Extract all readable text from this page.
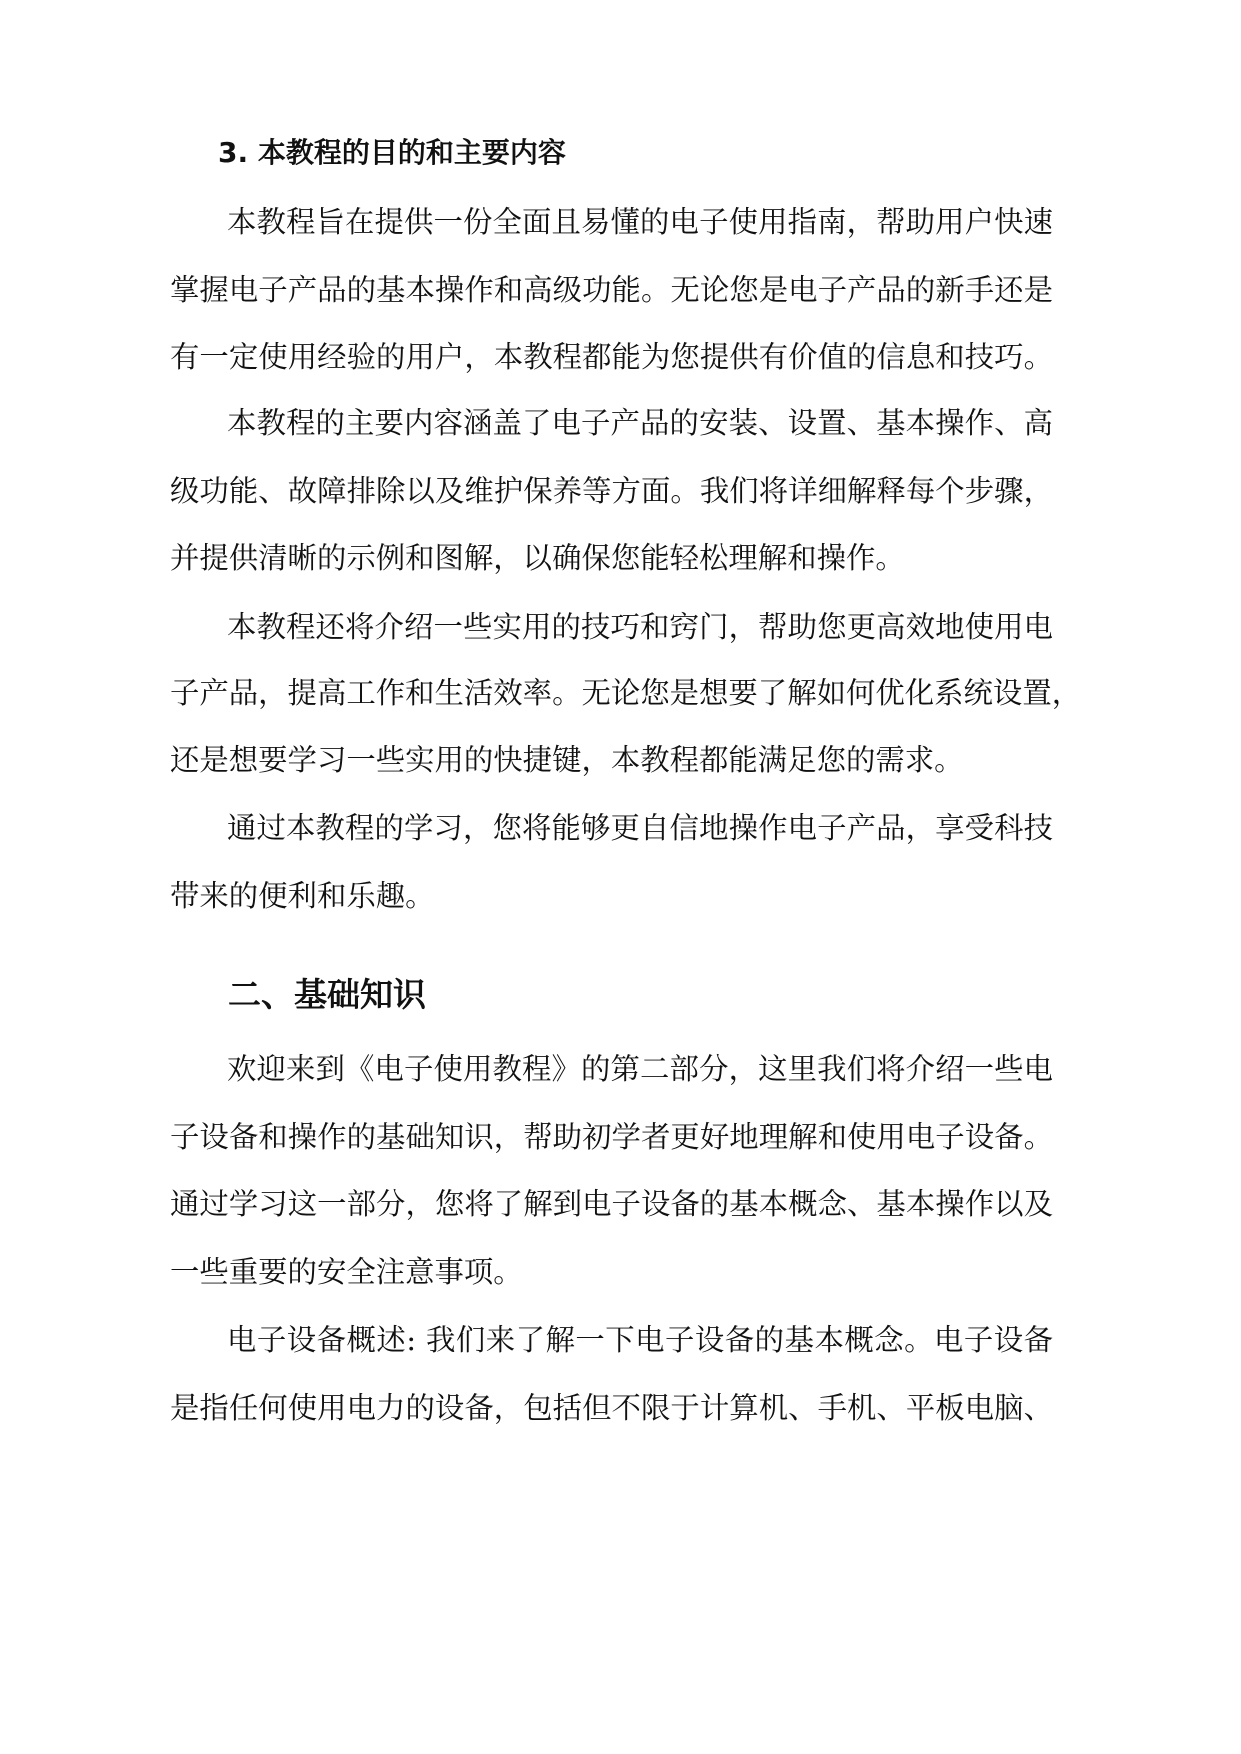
3. 本教程的目的和主要内容
本教程旨在提供一份全面且易懂的电子使用指南，帮助用户快速
掌握电子产品的基本操作和高级功能。无论您是电子产品的新手还是
有一定使用经验的用户，本教程都能为您提供有价值的信息和技巧。
本教程的主要内容涵盖了电子产品的安装、设置、基本操作、高
级功能、故障排除以及维护保养等方面。我们将详细解释每个步骤，
并提供清晰的示例和图解，以确保您能轻松理解和操作。
本教程还将介绍一些实用的技巧和窍门，帮助您更高效地使用电
子产品，提高工作和生活效率。无论您是想要了解如何优化系统设置，
还是想要学习一些实用的快捷键，本教程都能满足您的需求。
通过本教程的学习，您将能够更自信地操作电子产品，享受科技
带来的便利和乐趣。
二、基础知识
欢迎来到《电子使用教程》的第二部分，这里我们将介绍一些电
子设备和操作的基础知识，帮助初学者更好地理解和使用电子设备。
通过学习这一部分，您将了解到电子设备的基本概念、基本操作以及
一些重要的安全注意事项。
电子设备概述: 我们来了解一下电子设备的基本概念。电子设备
是指任何使用电力的设备，包括但不限于计算机、手机、平板电脑、
